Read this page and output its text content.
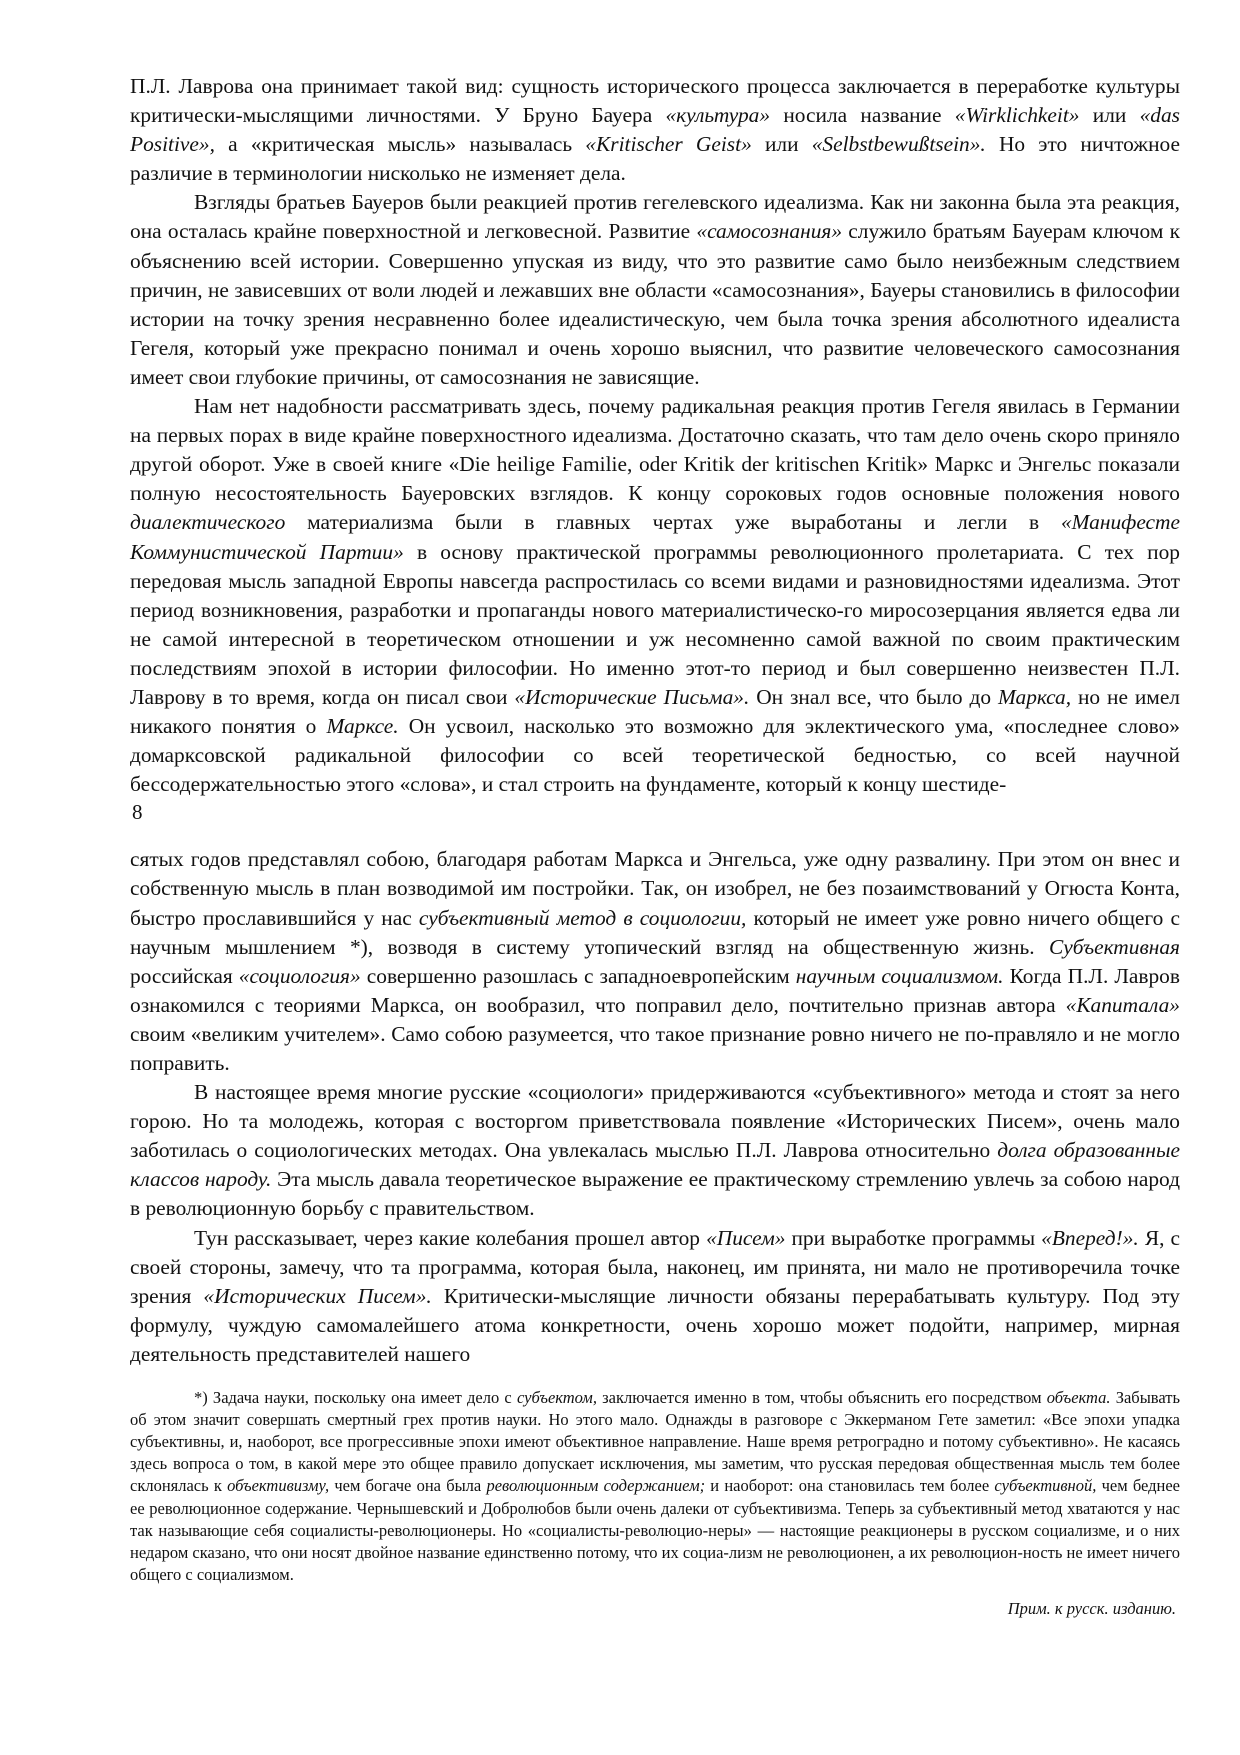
П.Л. Лаврова она принимает такой вид: сущность исторического процесса заключается в переработке культуры критически-мыслящими личностями. У Бруно Бауера «культура» носила название «Wirklichkeit» или «das Positive», а «критическая мысль» называлась «Kritischer Geist» или «Selbstbewußtsein». Но это ничтожное различие в терминологии нисколько не изменяет дела.

Взгляды братьев Бауеров были реакцией против гегелевского идеализма. Как ни законна была эта реакция, она осталась крайне поверхностной и легковесной. Развитие «самосознания» служило братьям Бауерам ключом к объяснению всей истории. Совершенно упуская из виду, что это развитие само было неизбежным следствием причин, не зависевших от воли людей и лежавших вне области «самосознания», Бауеры становились в философии истории на точку зрения несравненно более идеалистическую, чем была точка зрения абсолютного идеалиста Гегеля, который уже прекрасно понимал и очень хорошо выяснил, что развитие человеческого самосознания имеет свои глубокие причины, от самосознания не зависящие.

Нам нет надобности рассматривать здесь, почему радикальная реакция против Гегеля явилась в Германии на первых порах в виде крайне поверхностного идеализма. Достаточно сказать, что там дело очень скоро приняло другой оборот. Уже в своей книге «Die heilige Familie, oder Kritik der kritischen Kritik» Маркс и Энгельс показали полную несостоятельность Бауеровских взглядов. К концу сороковых годов основные положения нового диалектического материализма были в главных чертах уже выработаны и легли в «Манифесте Коммунистической Партии» в основу практической программы революционного пролетариата. С тех пор передовая мысль западной Европы навсегда распростилась со всеми видами и разновидностями идеализма. Этот период возникновения, разработки и пропаганды нового материалистическо-го миросозерцания является едва ли не самой интересной в теоретическом отношении и уж несомненно самой важной по своим практическим последствиям эпохой в истории философии. Но именно этот-то период и был совершенно неизвестен П.Л. Лаврову в то время, когда он писал свои «Исторические Письма». Он знал все, что было до Маркса, но не имел никакого понятия о Марксе. Он усвоил, насколько это возможно для эклектического ума, «последнее слово» домарксовской радикальной философии со всей теоретической бедностью, со всей научной бессодержательностью этого «слова», и стал строить на фундаменте, который к концу шестиде-

8

сятых годов представлял собою, благодаря работам Маркса и Энгельса, уже одну развалину. При этом он внес и собственную мысль в план возводимой им постройки. Так, он изобрел, не без позаимствований у Огюста Конта, быстро прославившийся у нас субъективный метод в социологии, который не имеет уже ровно ничего общего с научным мышлением *), возводя в систему утопический взгляд на общественную жизнь. Субъективная российская «социология» совершенно разошлась с западноевропейским научным социализмом. Когда П.Л. Лавров ознакомился с теориями Маркса, он вообразил, что поправил дело, почтительно признав автора «Капитала» своим «великим учителем». Само собою разумеется, что такое признание ровно ничего не по-правляло и не могло поправить.

В настоящее время многие русские «социологи» придерживаются «субъективного» метода и стоят за него горою. Но та молодежь, которая с восторгом приветствовала появление «Исторических Писем», очень мало заботилась о социологических методах. Она увлекалась мыслью П.Л. Лаврова относительно долга образованные классов народу. Эта мысль давала теоретическое выражение ее практическому стремлению увлечь за собою народ в революционную борьбу с правительством.

Тун рассказывает, через какие колебания прошел автор «Писем» при выработке программы «Вперед!». Я, с своей стороны, замечу, что та программа, которая была, наконец, им принята, ни мало не противоречила точке зрения «Исторических Писем». Критически-мыслящие личности обязаны перерабатывать культуру. Под эту формулу, чуждую самомалейшего атома конкретности, очень хорошо может подойти, например, мирная деятельность представителей нашего

*) Задача науки, поскольку она имеет дело с субъектом, заключается именно в том, чтобы объяснить его посредством объекта. Забывать об этом значит совершать смертный грех против науки. Но этого мало. Однажды в разговоре с Эккерманом Гете заметил: «Все эпохи упадка субъективны, и, наоборот, все прогрессивные эпохи имеют объективное направление. Наше время ретроградно и потому субъективно». Не касаясь здесь вопроса о том, в какой мере это общее правило допускает исключения, мы заметим, что русская передовая общественная мысль тем более склонялась к объективизму, чем богаче она была революционным содержанием; и наоборот: она становилась тем более субъективной, чем беднее ее революционное содержание. Чернышевский и Добролюбов были очень далеки от субъективизма. Теперь за субъективный метод хватаются у нас так называющие себя социалисты-революционеры. Но «социалисты-революцио-неры» — настоящие реакционеры в русском социализме, и о них недаром сказано, что они носят двойное название единственно потому, что их социа-лизм не революционен, а их революцион-ность не имеет ничего общего с социализмом.

Прим. к русск. изданию.
